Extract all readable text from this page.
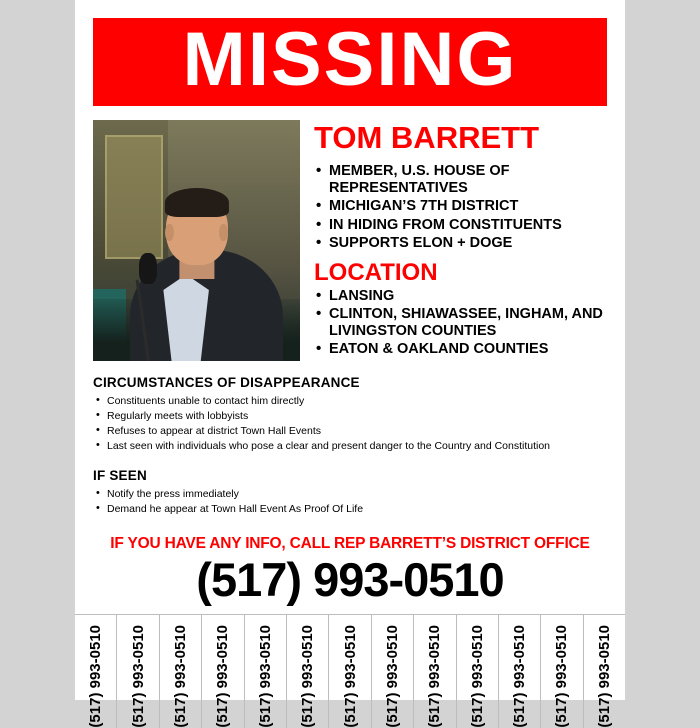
MISSING
TOM BARRETT
• MEMBER, U.S. HOUSE OF REPRESENTATIVES
• MICHIGAN’S 7TH DISTRICT
• IN HIDING FROM CONSTITUENTS
• SUPPORTS ELON + DOGE
LOCATION
• LANSING
• CLINTON, SHIAWASSEE, INGHAM, AND LIVINGSTON COUNTIES
• EATON & OAKLAND COUNTIES
CIRCUMSTANCES OF DISAPPEARANCE
• Constituents unable to contact him directly
• Regularly meets with lobbyists
• Refuses to appear at district Town Hall Events
• Last seen with individuals who pose a clear and present danger to the Country and Constitution
IF SEEN
• Notify the press immediately
• Demand he appear at Town Hall Event As Proof Of Life
IF YOU HAVE ANY INFO, CALL REP BARRETT’S DISTRICT OFFICE
(517) 993-0510
(517) 993-0510 (517) 993-0510 (517) 993-0510 (517) 993-0510 (517) 993-0510 (517) 993-0510 (517) 993-0510 (517) 993-0510 (517) 993-0510 (517) 993-0510 (517) 993-0510 (517) 993-0510 (517) 993-0510
